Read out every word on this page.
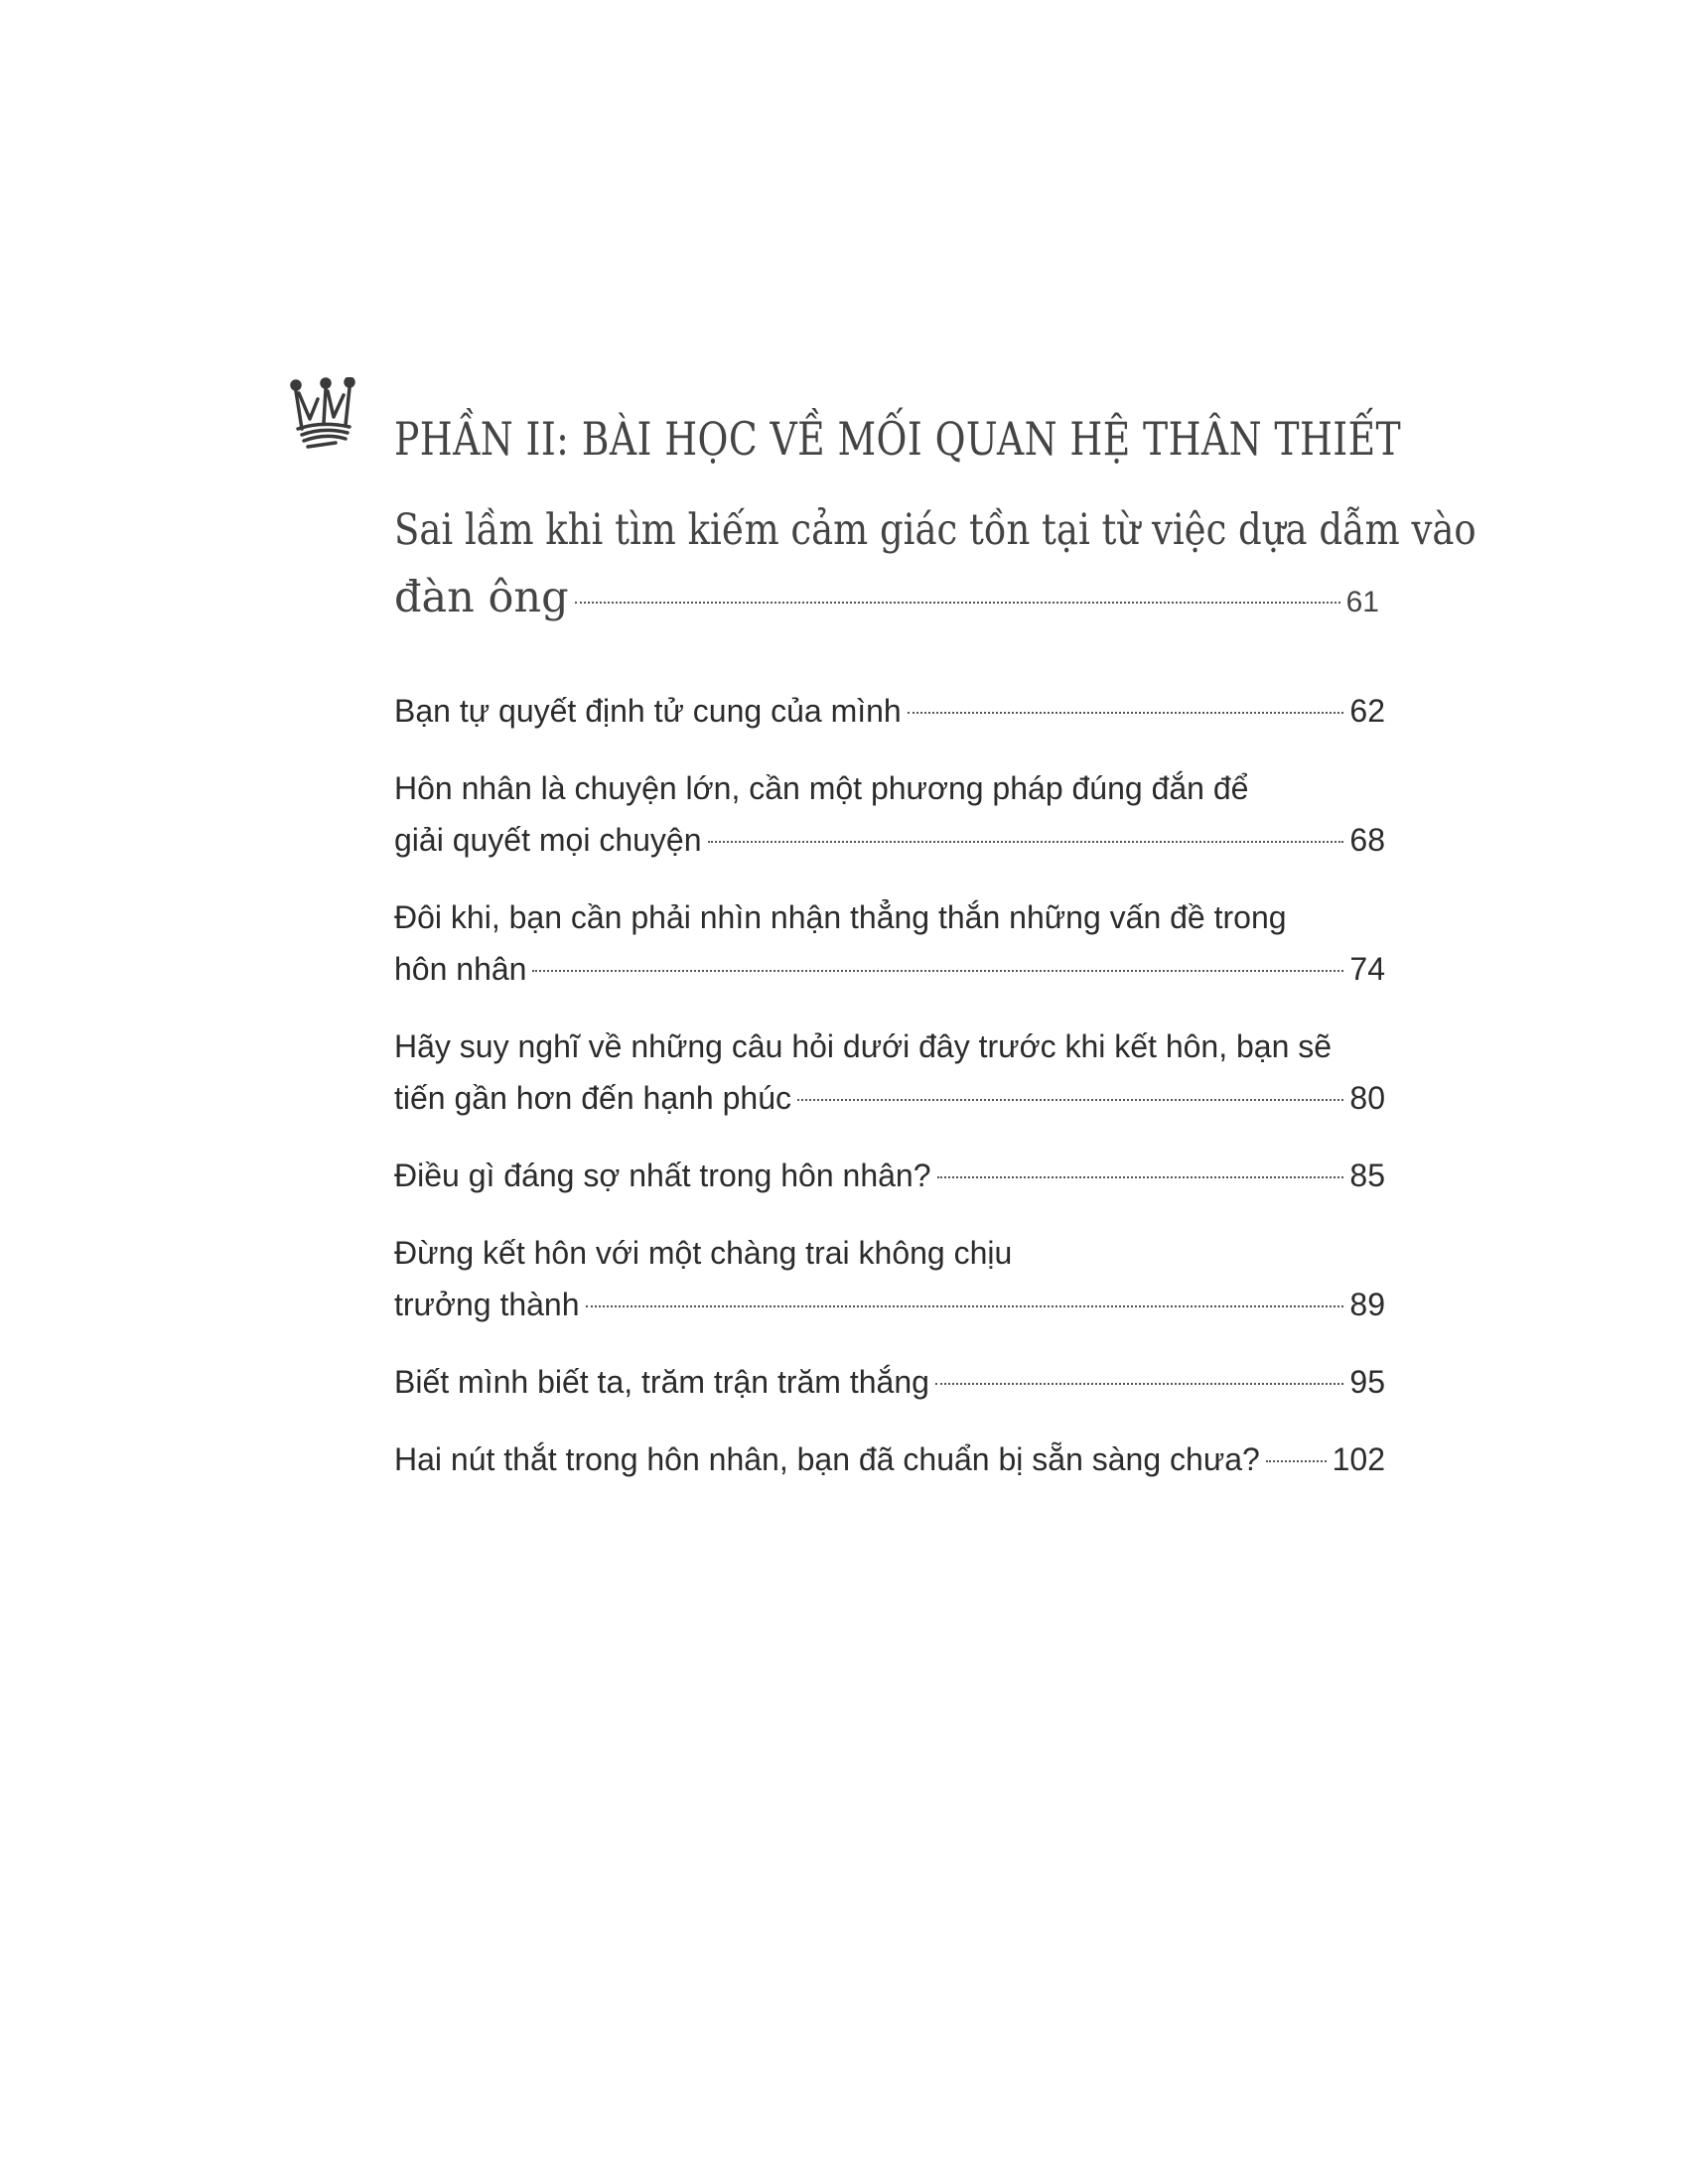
PHẦN II: BÀI HỌC VỀ MỐI QUAN HỆ THÂN THIẾT
Sai lầm khi tìm kiếm cảm giác tồn tại từ việc dựa dẫm vào
đàn ông	61
Bạn tự quyết định tử cung của mình	62
Hôn nhân là chuyện lớn, cần một phương pháp đúng đắn để
giải quyết mọi chuyện	68
Đôi khi, bạn cần phải nhìn nhận thẳng thắn những vấn đề trong
hôn nhân	74
Hãy suy nghĩ về những câu hỏi dưới đây trước khi kết hôn, bạn sẽ
tiến gần hơn đến hạnh phúc	80
Điều gì đáng sợ nhất trong hôn nhân?	85
Đừng kết hôn với một chàng trai không chịu
trưởng thành	89
Biết mình biết ta, trăm trận trăm thắng	95
Hai nút thắt trong hôn nhân, bạn đã chuẩn bị sẵn sàng chưa? 102
